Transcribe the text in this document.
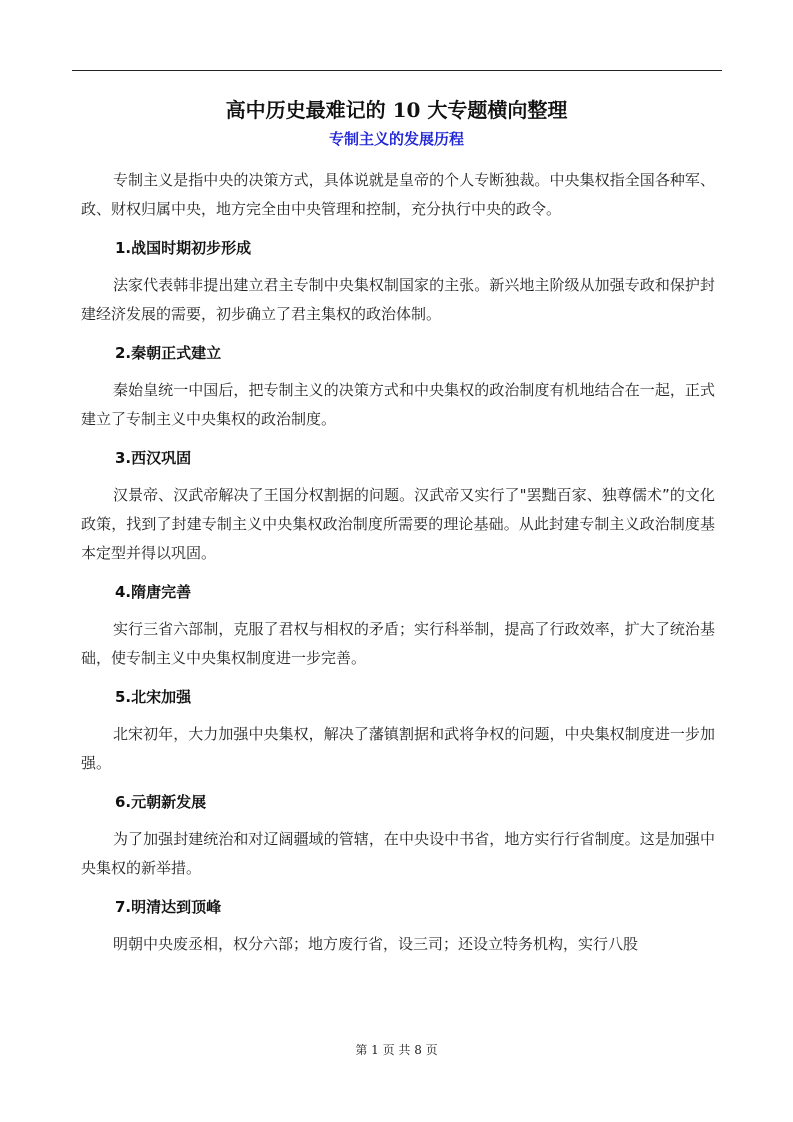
高中历史最难记的 10 大专题横向整理
专制主义的发展历程

专制主义是指中央的决策方式，具体说就是皇帝的个人专断独裁。中央集权指全国各种军、政、财权归属中央，地方完全由中央管理和控制，充分执行中央的政令。

1.战国时期初步形成

法家代表韩非提出建立君主专制中央集权制国家的主张。新兴地主阶级从加强专政和保护封建经济发展的需要，初步确立了君主集权的政治体制。

2.秦朝正式建立

秦始皇统一中国后，把专制主义的决策方式和中央集权的政治制度有机地结合在一起，正式建立了专制主义中央集权的政治制度。

3.西汉巩固

汉景帝、汉武帝解决了王国分权割据的问题。汉武帝又实行了"罢黜百家、独尊儒术”的文化政策，找到了封建专制主义中央集权政治制度所需要的理论基础。从此封建专制主义政治制度基本定型并得以巩固。

4.隋唐完善

实行三省六部制，克服了君权与相权的矛盾；实行科举制，提高了行政效率，扩大了统治基础，使专制主义中央集权制度进一步完善。

5.北宋加强

北宋初年，大力加强中央集权，解决了藩镇割据和武将争权的问题，中央集权制度进一步加强。

6.元朝新发展

为了加强封建统治和对辽阔疆域的管辖，在中央设中书省，地方实行行省制度。这是加强中央集权的新举措。

7.明清达到顶峰

明朝中央废丞相，权分六部；地方废行省，设三司；还设立特务机构，实行八股

第 1 页 共 8 页
